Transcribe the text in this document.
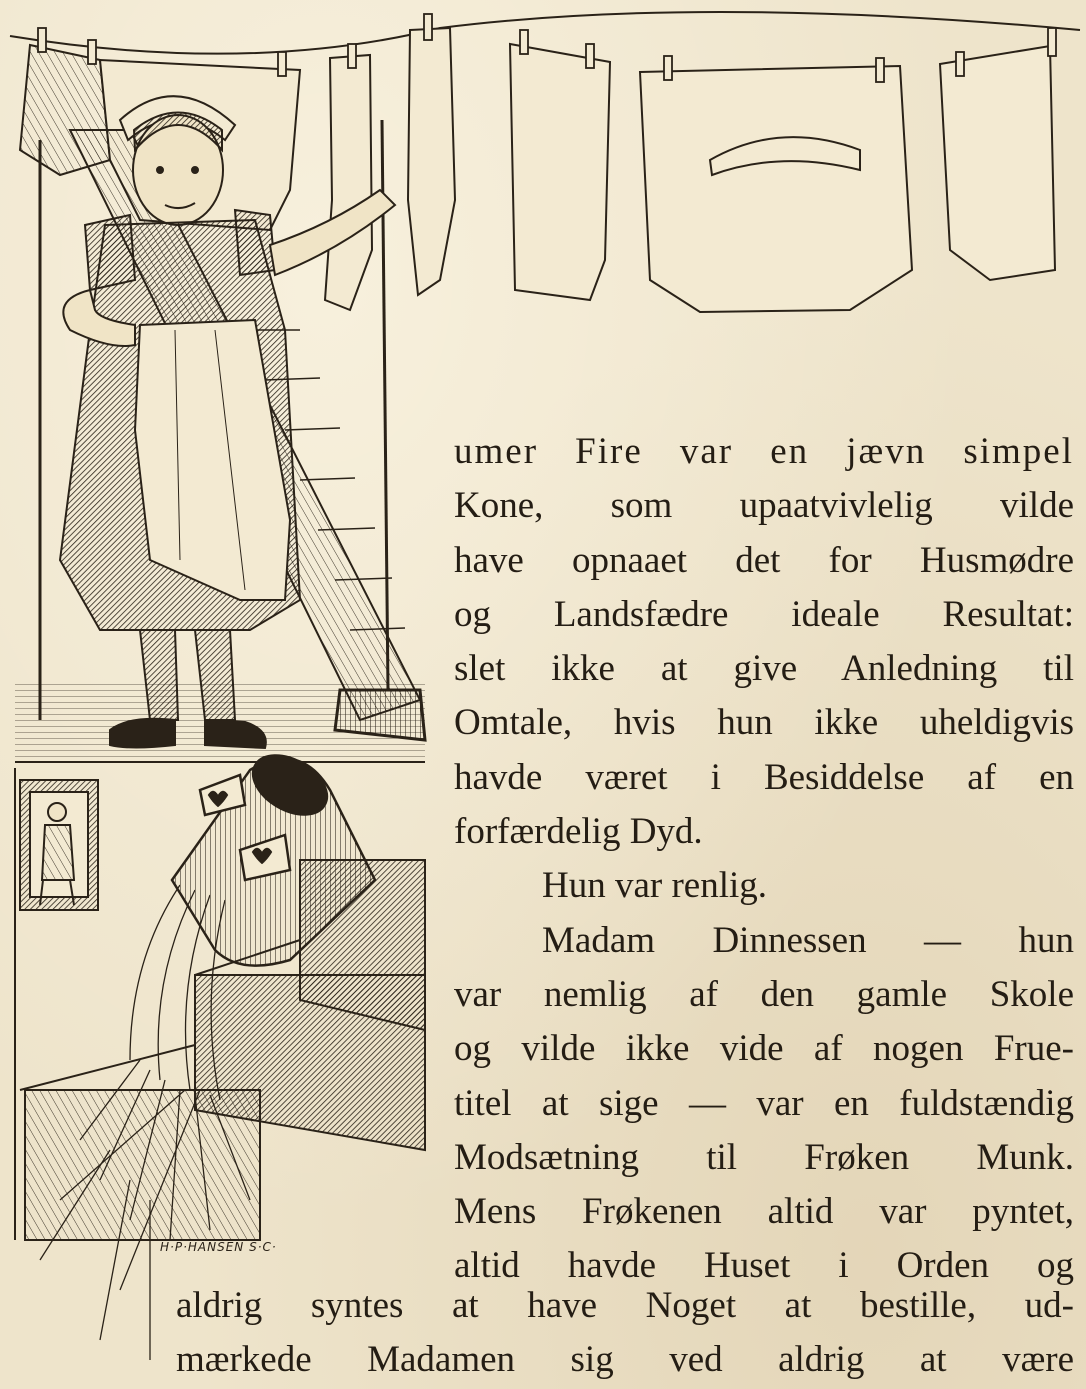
H·P·HANSEN S·C·
umer Fire var en jævn simpel
Kone, som upaatvivlelig vilde
have opnaaet det for Husmødre
og Landsfædre ideale Resultat:
slet ikke at give Anledning til
Omtale, hvis hun ikke uheldigvis
havde været i Besiddelse af en
forfærdelig Dyd.
Hun var renlig.
Madam Dinnessen — hun
var nemlig af den gamle Skole
og vilde ikke vide af nogen Frue-
titel at sige — var en fuldstændig
Modsætning til Frøken Munk.
Mens Frøkenen altid var pyntet,
altid havde Huset i Orden og
aldrig syntes at have Noget at bestille, ud-
mærkede Madamen sig ved aldrig at være
